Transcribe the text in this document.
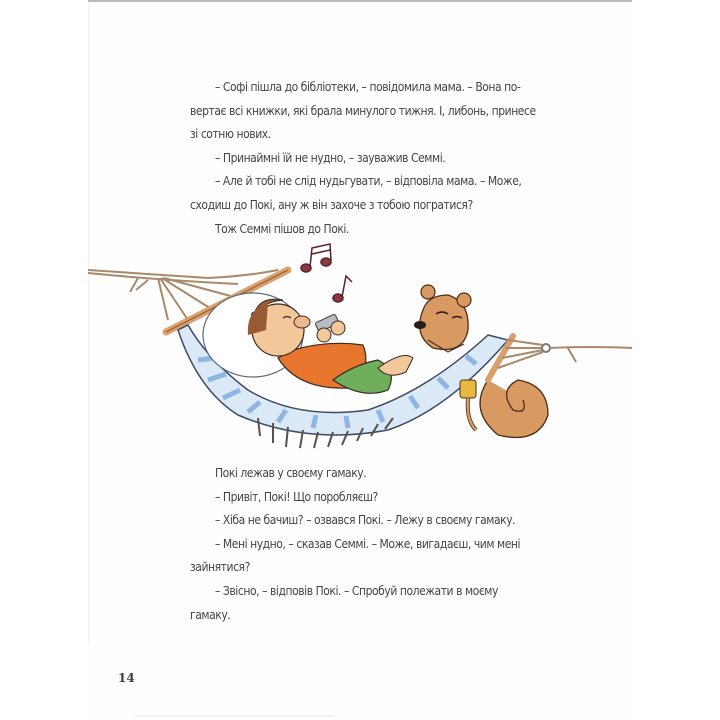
– Софі пішла до бібліотеки, – повідомила мама. – Вона по-

вертає всі книжки, які брала минулого тижня. І, либонь, принесе

зі сотню нових.

– Принаймні їй не нудно, – зауважив Семмі.

– Але й тобі не слід нудьгувати, – відповіла мама. – Може,

сходиш до Покі, ану ж він захоче з тобою погратися?

Тож Семмі пішов до Покі.

Покі лежав у своєму гамаку.

– Привіт, Покі! Що поробляєш?

– Хіба не бачиш? – озвався Покі. – Лежу в своєму гамаку.

– Мені нудно, – сказав Семмі. – Може, вигадаєш, чим мені

зайнятися?

– Звісно, – відповів Покі. – Спробуй полежати в моєму

гамаку.

14
